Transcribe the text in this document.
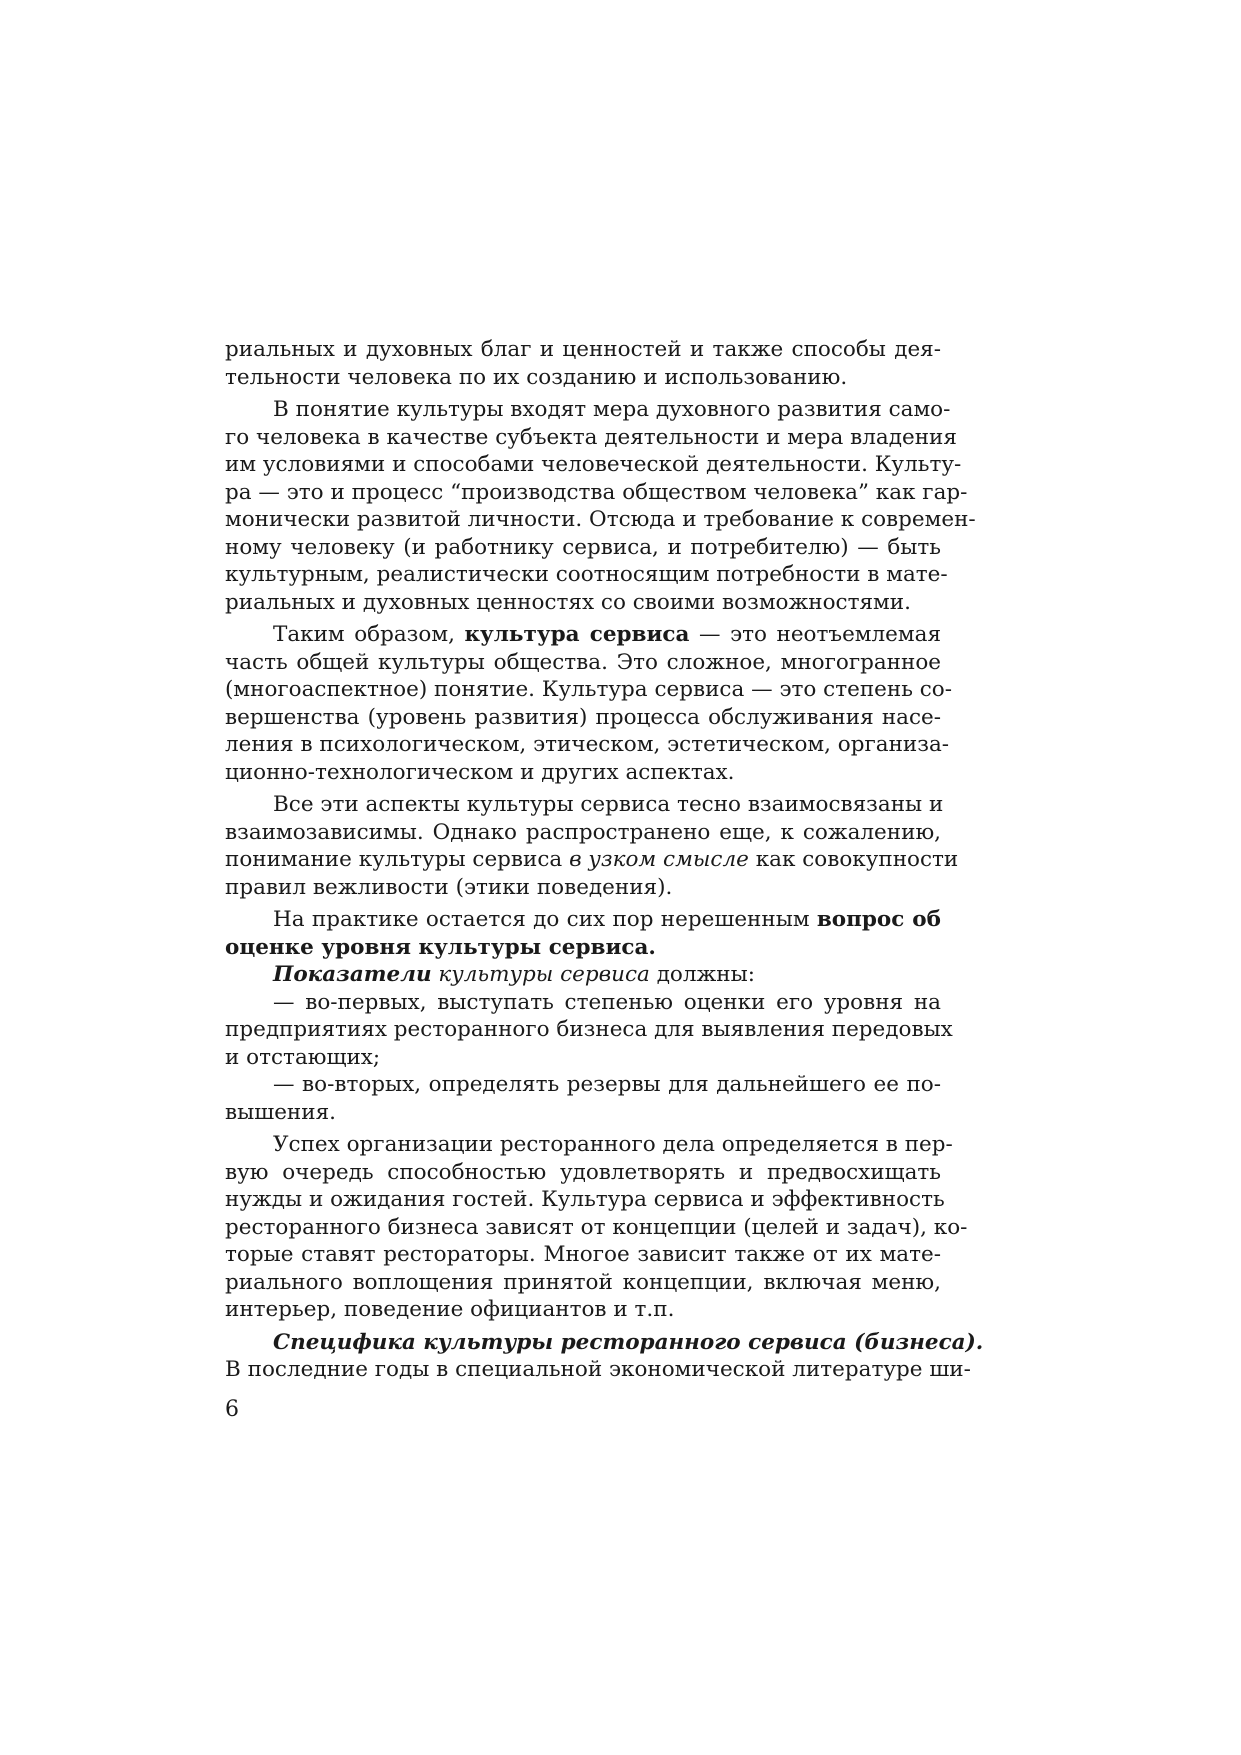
риальных и духовных благ и ценностей и также способы дея-
тельности человека по их созданию и использованию.
В понятие культуры входят мера духовного развития само-
го человека в качестве субъекта деятельности и мера владения
им условиями и способами человеческой деятельности. Культу-
ра — это и процесс “производства обществом человека” как гар-
монически развитой личности. Отсюда и требование к современ-
ному человеку (и работнику сервиса, и потребителю) — быть
культурным, реалистически соотносящим потребности в мате-
риальных и духовных ценностях со своими возможностями.
Таким образом, культура сервиса — это неотъемлемая
часть общей культуры общества. Это сложное, многогранное
(многоаспектное) понятие. Культура сервиса — это степень со-
вершенства (уровень развития) процесса обслуживания насе-
ления в психологическом, этическом, эстетическом, организа-
ционно-технологическом и других аспектах.
Все эти аспекты культуры сервиса тесно взаимосвязаны и
взаимозависимы. Однако распространено еще, к сожалению,
понимание культуры сервиса в узком смысле как совокупности
правил вежливости (этики поведения).
На практике остается до сих пор нерешенным вопрос об
оценке уровня культуры сервиса.
Показатели культуры сервиса должны:
— во-первых, выступать степенью оценки его уровня на
предприятиях ресторанного бизнеса для выявления передовых
и отстающих;
— во-вторых, определять резервы для дальнейшего ее по-
вышения.
Успех организации ресторанного дела определяется в пер-
вую очередь способностью удовлетворять и предвосхищать
нужды и ожидания гостей. Культура сервиса и эффективность
ресторанного бизнеса зависят от концепции (целей и задач), ко-
торые ставят рестораторы. Многое зависит также от их мате-
риального воплощения принятой концепции, включая меню,
интерьер, поведение официантов и т.п.
Специфика культуры ресторанного сервиса (бизнеса).
В последние годы в специальной экономической литературе ши-
6
